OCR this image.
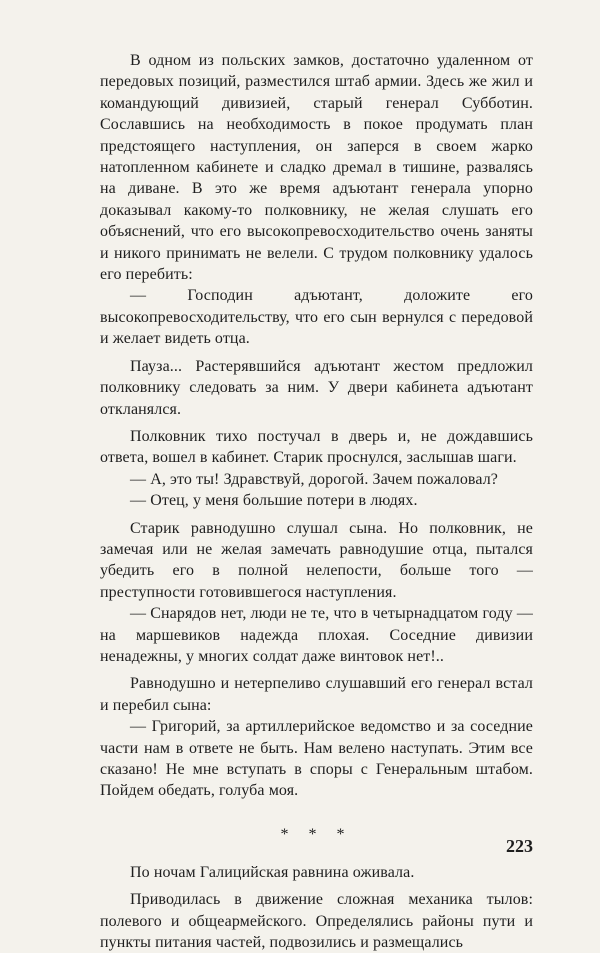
В одном из польских замков, достаточно удаленном от передовых позиций, разместился штаб армии. Здесь же жил и командующий дивизией, старый генерал Субботин. Сославшись на необходимость в покое продумать план предстоящего наступления, он заперся в своем жарко натопленном кабинете и сладко дремал в тишине, развалясь на диване. В это же время адъютант генерала упорно доказывал какому-то полковнику, не желая слушать его объяснений, что его высокопревосходительство очень заняты и никого принимать не велели. С трудом полковнику удалось его перебить:

— Господин адъютант, доложите его высокопревосходительству, что его сын вернулся с передовой и желает видеть отца.

Пауза... Растерявшийся адъютант жестом предложил полковнику следовать за ним. У двери кабинета адъютант откланялся.

Полковник тихо постучал в дверь и, не дождавшись ответа, вошел в кабинет. Старик проснулся, заслышав шаги.

— А, это ты! Здравствуй, дорогой. Зачем пожаловал?

— Отец, у меня большие потери в людях.

Старик равнодушно слушал сына. Но полковник, не замечая или не желая замечать равнодушие отца, пытался убедить его в полной нелепости, больше того — преступности готовившегося наступления.

— Снарядов нет, люди не те, что в четырнадцатом году — на маршевиков надежда плохая. Соседние дивизии ненадежны, у многих солдат даже винтовок нет!..

Равнодушно и нетерпеливо слушавший его генерал встал и перебил сына:

— Григорий, за артиллерийское ведомство и за соседние части нам в ответе не быть. Нам велено наступать. Этим все сказано! Не мне вступать в споры с Генеральным штабом. Пойдем обедать, голуба моя.

* * *

По ночам Галицийская равнина оживала.

Приводилась в движение сложная механика тылов: полевого и общеармейского. Определялись районы пути и пункты питания частей, подвозились и размещались

223
